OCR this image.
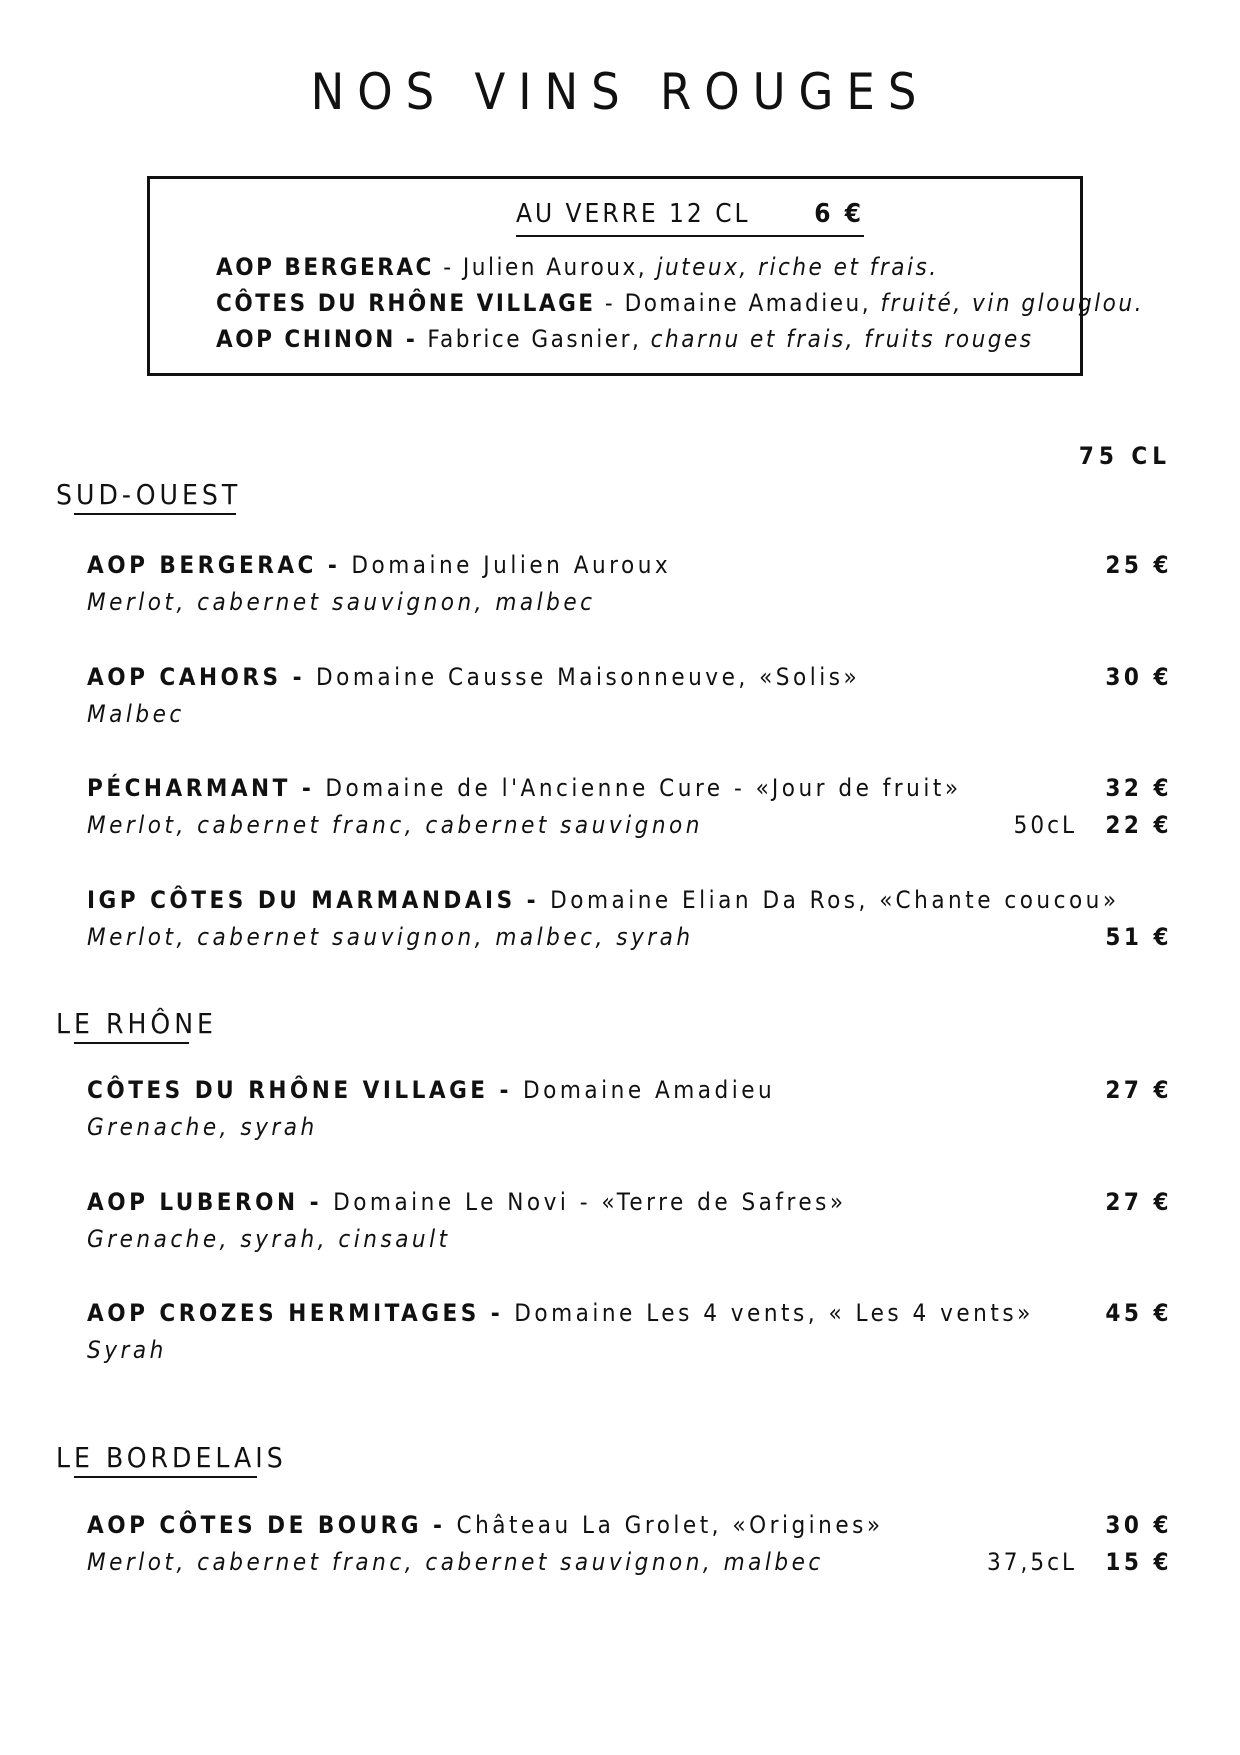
NOS VINS ROUGES
AU VERRE 12 CL 6 €
AOP BERGERAC - Julien Auroux, juteux, riche et frais.
CÔTES DU RHÔNE VILLAGE - Domaine Amadieu, fruité, vin glouglou.
AOP CHINON - Fabrice Gasnier, charnu et frais, fruits rouges
75 CL
SUD-OUEST
AOP BERGERAC - Domaine Julien Auroux	25 €
Merlot, cabernet sauvignon, malbec
AOP CAHORS - Domaine Causse Maisonneuve, «Solis»	30 €
Malbec
PÉCHARMANT - Domaine de l'Ancienne Cure - «Jour de fruit»	32 €
Merlot, cabernet franc, cabernet sauvignon	50cL 22 €
IGP CÔTES DU MARMANDAIS - Domaine Elian Da Ros, «Chante coucou»
Merlot, cabernet sauvignon, malbec, syrah	51 €
LE RHÔNE
CÔTES DU RHÔNE VILLAGE - Domaine Amadieu	27 €
Grenache, syrah
AOP LUBERON - Domaine Le Novi - «Terre de Safres»	27 €
Grenache, syrah, cinsault
AOP CROZES HERMITAGES - Domaine Les 4 vents, « Les 4 vents»	45 €
Syrah
LE BORDELAIS
AOP CÔTES DE BOURG - Château La Grolet, «Origines»	30 €
Merlot, cabernet franc, cabernet sauvignon, malbec	37,5cL 15 €
